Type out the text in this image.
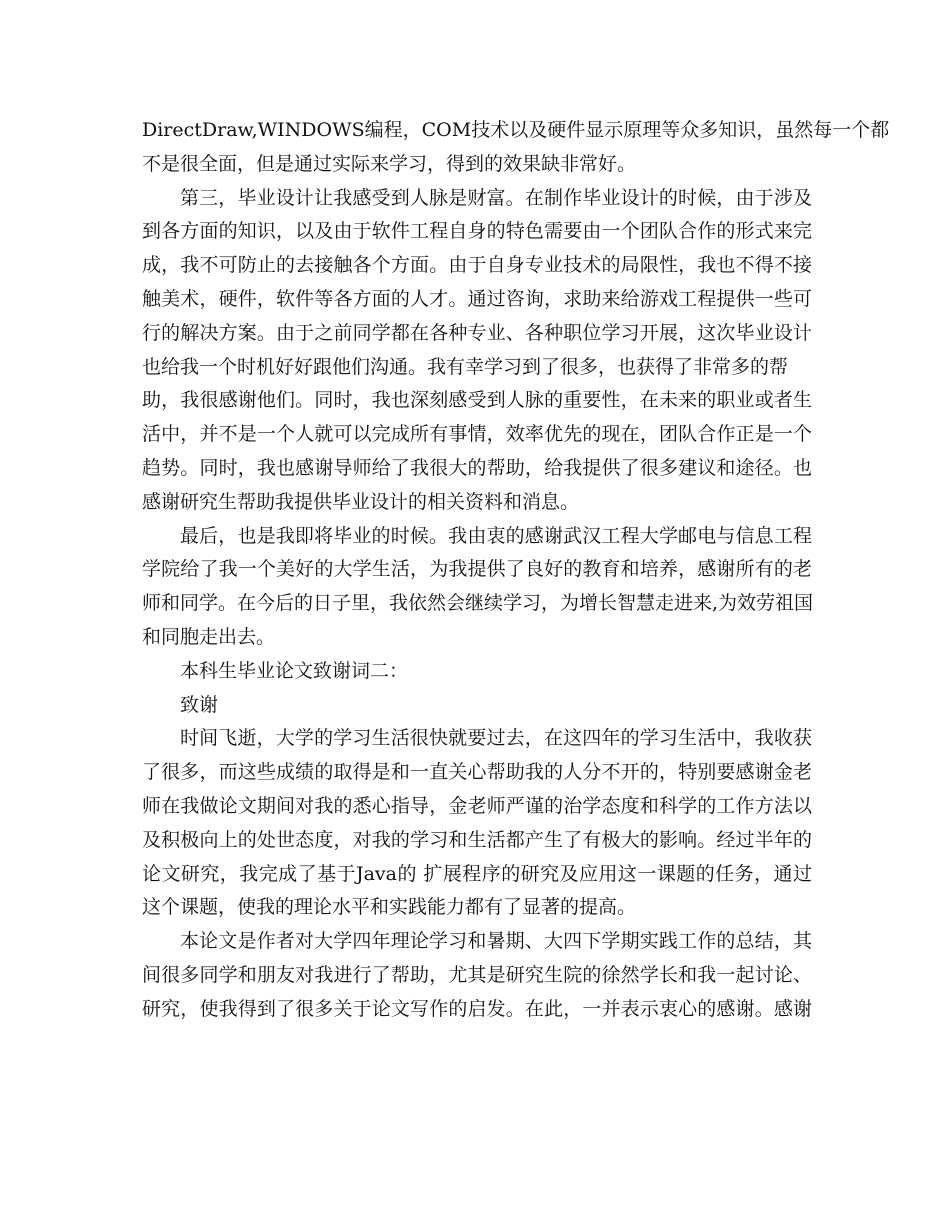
DirectDraw,WINDOWS编程，COM技术以及硬件显示原理等众多知识，虽然每一个都
不是很全面，但是通过实际来学习，得到的效果缺非常好。
第三，毕业设计让我感受到人脉是财富。在制作毕业设计的时候，由于涉及
到各方面的知识，以及由于软件工程自身的特色需要由一个团队合作的形式来完
成，我不可防止的去接触各个方面。由于自身专业技术的局限性，我也不得不接
触美术，硬件，软件等各方面的人才。通过咨询，求助来给游戏工程提供一些可
行的解决方案。由于之前同学都在各种专业、各种职位学习开展，这次毕业设计
也给我一个时机好好跟他们沟通。我有幸学习到了很多，也获得了非常多的帮
助，我很感谢他们。同时，我也深刻感受到人脉的重要性，在未来的职业或者生
活中，并不是一个人就可以完成所有事情，效率优先的现在，团队合作正是一个
趋势。同时，我也感谢导师给了我很大的帮助，给我提供了很多建议和途径。也
感谢研究生帮助我提供毕业设计的相关资料和消息。
最后，也是我即将毕业的时候。我由衷的感谢武汉工程大学邮电与信息工程
学院给了我一个美好的大学生活，为我提供了良好的教育和培养，感谢所有的老
师和同学。在今后的日子里，我依然会继续学习，为增长智慧走进来,为效劳祖国
和同胞走出去。
本科生毕业论文致谢词二：
致谢
时间飞逝，大学的学习生活很快就要过去，在这四年的学习生活中，我收获
了很多，而这些成绩的取得是和一直关心帮助我的人分不开的，特别要感谢金老
师在我做论文期间对我的悉心指导，金老师严谨的治学态度和科学的工作方法以
及积极向上的处世态度，对我的学习和生活都产生了有极大的影响。经过半年的
论文研究，我完成了基于Java的 扩展程序的研究及应用这一课题的任务，通过
这个课题，使我的理论水平和实践能力都有了显著的提高。
本论文是作者对大学四年理论学习和暑期、大四下学期实践工作的总结，其
间很多同学和朋友对我进行了帮助，尤其是研究生院的徐然学长和我一起讨论、
研究，使我得到了很多关于论文写作的启发。在此，一并表示衷心的感谢。感谢
